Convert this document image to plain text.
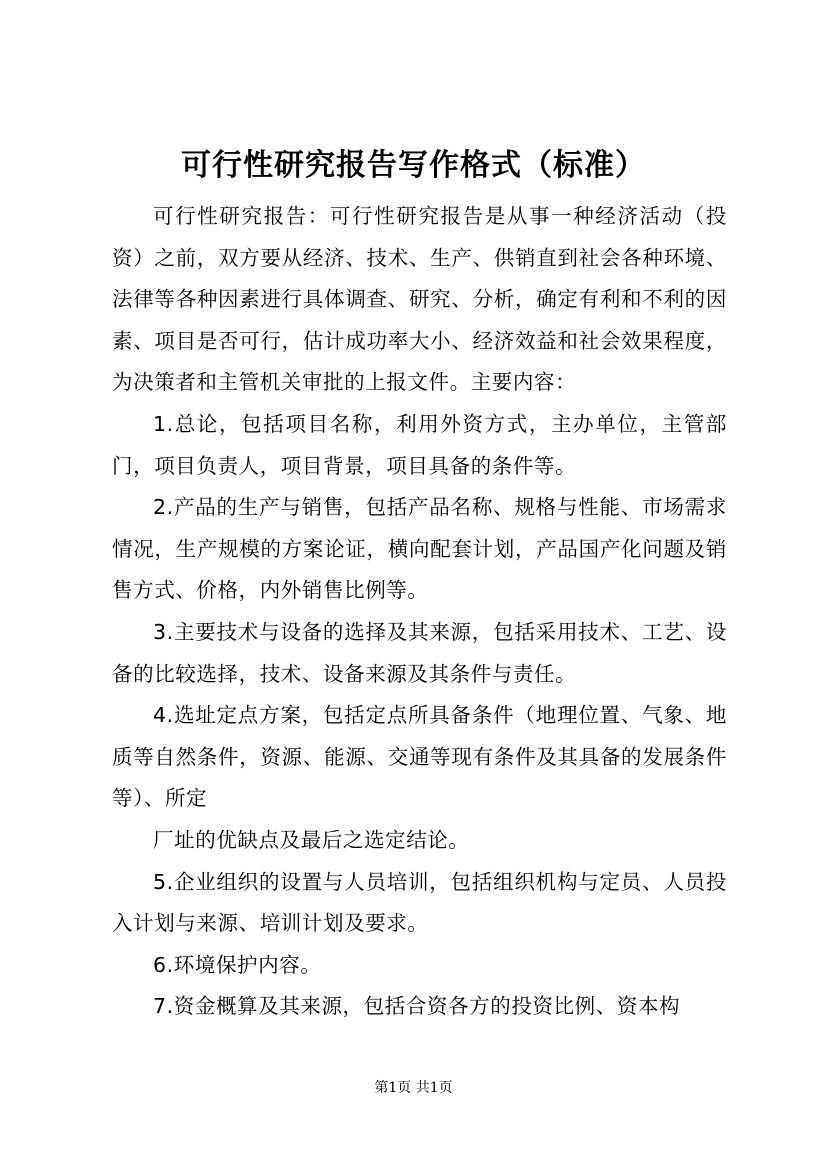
可行性研究报告写作格式（标准）

可行性研究报告：可行性研究报告是从事一种经济活动（投资）之前，双方要从经济、技术、生产、供销直到社会各种环境、法律等各种因素进行具体调查、研究、分析，确定有利和不利的因素、项目是否可行，估计成功率大小、经济效益和社会效果程度，为决策者和主管机关审批的上报文件。主要内容：

1.总论，包括项目名称，利用外资方式，主办单位，主管部门，项目负责人，项目背景，项目具备的条件等。

2.产品的生产与销售，包括产品名称、规格与性能、市场需求情况，生产规模的方案论证，横向配套计划，产品国产化问题及销售方式、价格，内外销售比例等。

3.主要技术与设备的选择及其来源，包括采用技术、工艺、设备的比较选择，技术、设备来源及其条件与责任。

4.选址定点方案，包括定点所具备条件（地理位置、气象、地质等自然条件，资源、能源、交通等现有条件及其具备的发展条件等）、所定

厂址的优缺点及最后之选定结论。

5.企业组织的设置与人员培训，包括组织机构与定员、人员投入计划与来源、培训计划及要求。

6.环境保护内容。

7.资金概算及其来源，包括合资各方的投资比例、资本构

第1页 共1页
